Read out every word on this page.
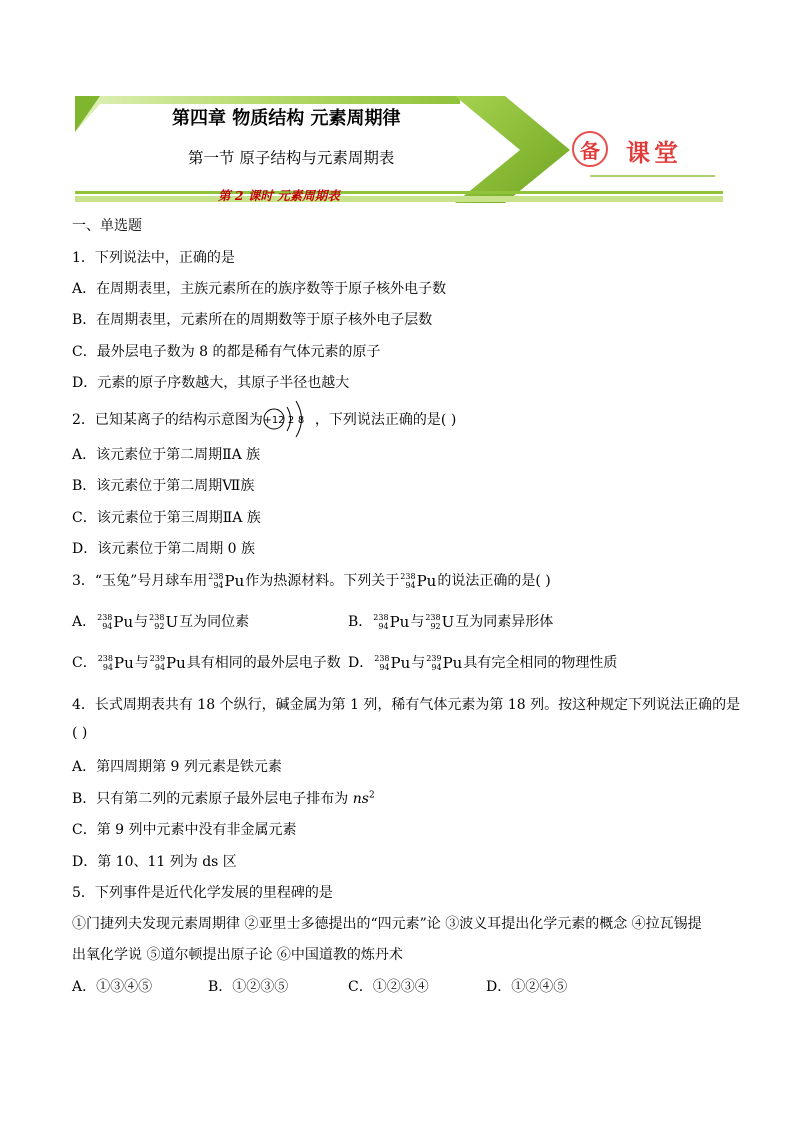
第四章 物质结构 元素周期律
第一节 原子结构与元素周期表
第 2 课时 元素周期表
备	课堂
一、单选题
1．下列说法中，正确的是
A．在周期表里，主族元素所在的族序数等于原子核外电子数
B．在周期表里，元素所在的周期数等于原子核外电子层数
C．最外层电子数为 8 的都是稀有气体元素的原子
D．元素的原子序数越大，其原子半径也越大
2．已知某离子的结构示意图为 +12 2 8 ，下列说法正确的是( )
A．该元素位于第二周期ⅡA 族
B．该元素位于第二周期Ⅶ族
C．该元素位于第三周期ⅡA 族
D．该元素位于第二周期 0 族
3．“玉兔”号月球车用 238
94 Pu 作为热源材料。下列关于 238
94 Pu 的说法正确的是( )
A． 238
94 Pu 与 238
92 U 互为同位素	B． 238
94 Pu 与 238
92 U 互为同素异形体
C． 238
94 Pu 与 239
94 Pu 具有相同的最外层电子数 D． 238
94 Pu 与 239
94 Pu 具有完全相同的物理性质
4．长式周期表共有 18 个纵行，碱金属为第 1 列，稀有气体元素为第 18 列。按这种规定下列说法正确的是
( )
A．第四周期第 9 列元素是铁元素
B．只有第二列的元素原子最外层电子排布为 $ns^2$
C．第 9 列中元素中没有非金属元素
D．第 10、11 列为 ds 区
5．下列事件是近代化学发展的里程碑的是
①门捷列夫发现元素周期律 ②亚里士多德提出的“四元素”论 ③波义耳提出化学元素的概念 ④拉瓦锡提
出氧化学说 ⑤道尔顿提出原子论 ⑥中国道教的炼丹术
A．①③④⑤	B．①②③⑤	C．①②③④	D．①②④⑤
